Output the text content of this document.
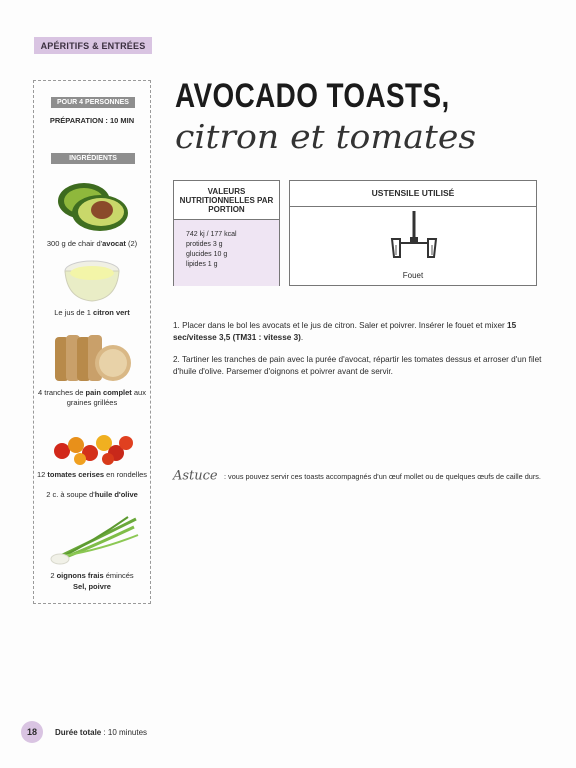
APÉRITIFS & ENTRÉES
POUR 4 PERSONNES
PRÉPARATION : 10 MIN
INGRÉDIENTS
300 g de chair d'avocat (2)
Le jus de 1 citron vert
4 tranches de pain complet aux graines grillées
12 tomates cerises en rondelles
2 c. à soupe d'huile d'olive
2 oignons frais émincés
Sel, poivre
AVOCADO TOASTS,
citron et tomates
VALEURS NUTRITIONNELLES PAR PORTION
742 kj / 177 kcal
protides 3 g
glucides 10 g
lipides 1 g
USTENSILE UTILISÉ
Fouet

1. Placer dans le bol les avocats et le jus de citron. Saler et poivrer. Insérer le fouet et mixer 15 sec/vitesse 3,5 (TM31 : vitesse 3).

2. Tartiner les tranches de pain avec la purée d'avocat, répartir les tomates dessus et arroser d'un filet d'huile d'olive. Parsemer d'oignons et poivrer avant de servir.

Astuce : vous pouvez servir ces toasts accompagnés d'un œuf mollet ou de quelques œufs de caille durs.
18	Durée totale : 10 minutes
